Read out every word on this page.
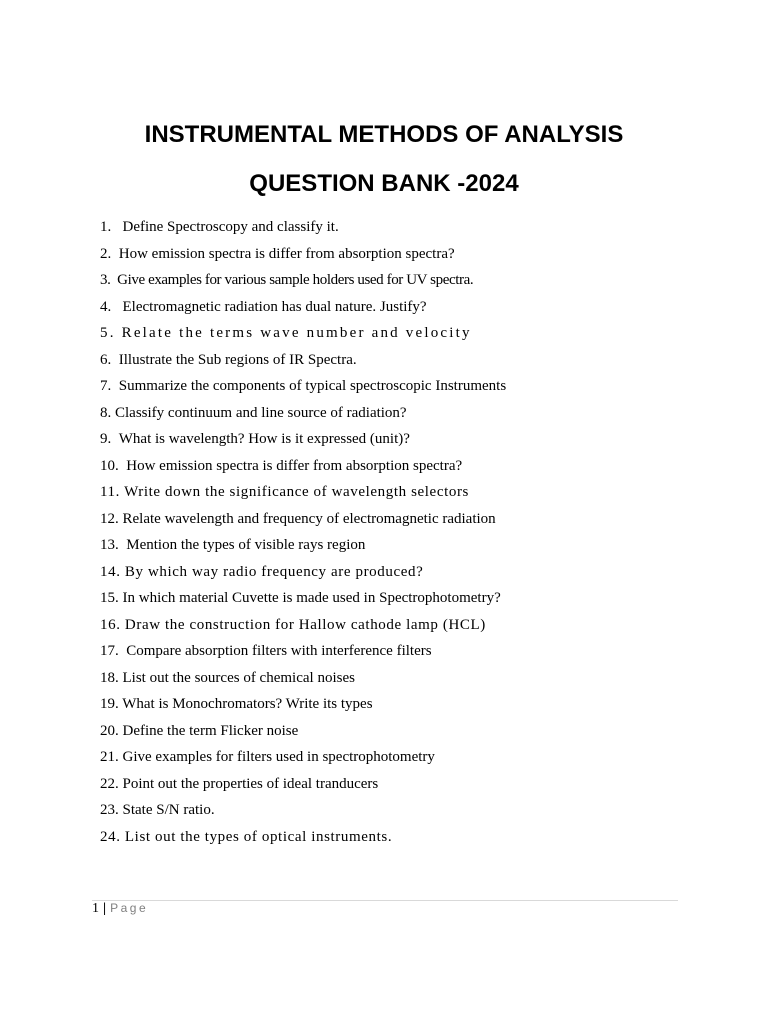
INSTRUMENTAL METHODS OF ANALYSIS
QUESTION BANK -2024
1. Define Spectroscopy and classify it.
2. How emission spectra is differ from absorption spectra?
3. Give examples for various sample holders used for UV spectra.
4. Electromagnetic radiation has dual nature. Justify?
5. Relate the terms wave number and velocity
6. Illustrate the Sub regions of IR Spectra.
7. Summarize the components of typical spectroscopic Instruments
8. Classify continuum and line source of radiation?
9. What is wavelength? How is it expressed (unit)?
10. How emission spectra is differ from absorption spectra?
11. Write down the significance of wavelength selectors
12. Relate wavelength and frequency of electromagnetic radiation
13. Mention the types of visible rays region
14. By which way radio frequency are produced?
15. In which material Cuvette is made used in Spectrophotometry?
16. Draw the construction for Hallow cathode lamp (HCL)
17. Compare absorption filters with interference filters
18. List out the sources of chemical noises
19. What is Monochromators? Write its types
20. Define the term Flicker noise
21. Give examples for filters used in spectrophotometry
22. Point out the properties of ideal tranducers
23. State S/N ratio.
24. List out the types of optical instruments.
1 | Page
